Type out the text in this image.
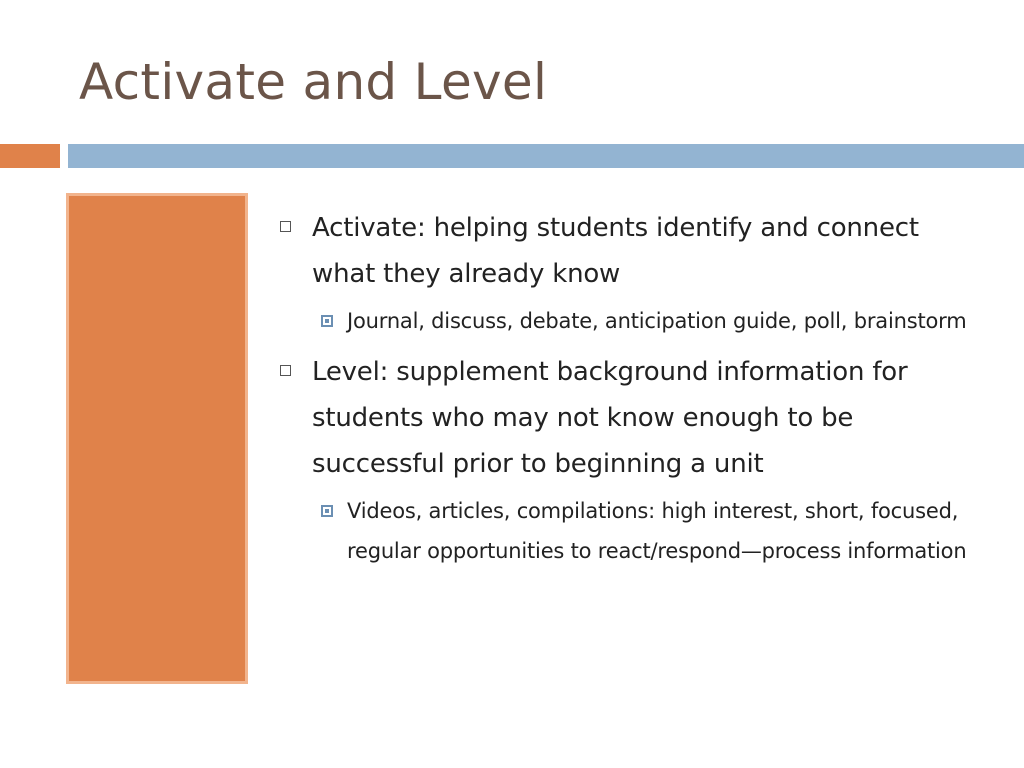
Activate and Level
Activate: helping students identify and connect what they already know
Journal, discuss, debate, anticipation guide, poll, brainstorm
Level: supplement background information for students who may not know enough to be successful prior to beginning a unit
Videos, articles, compilations: high interest, short, focused, regular opportunities to react/respond—process information
